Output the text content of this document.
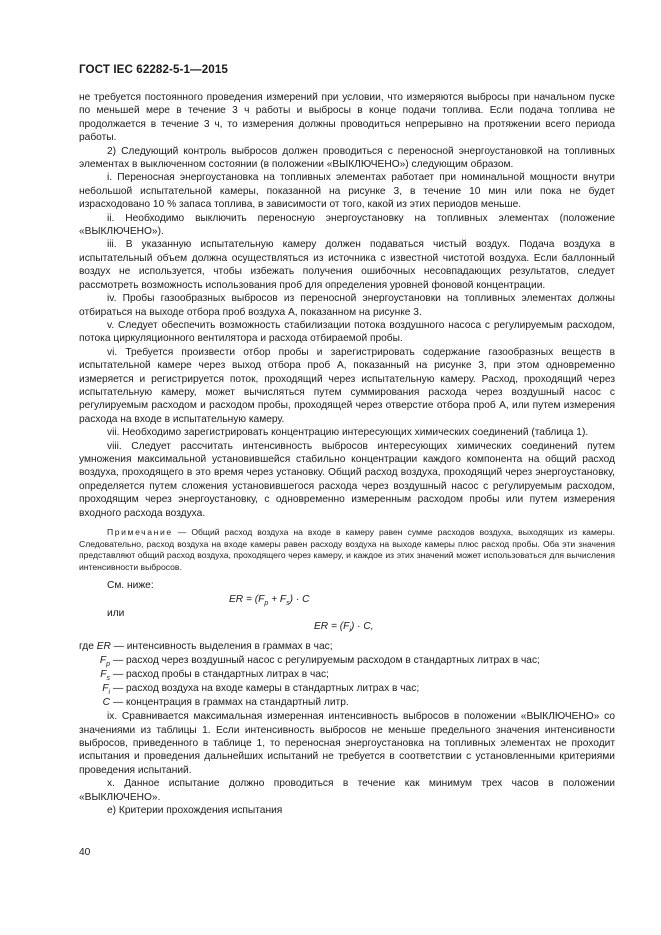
ГОСТ IEC 62282-5-1—2015

не требуется постоянного проведения измерений при условии, что измеряются выбросы при начальном пуске по меньшей мере в течение 3 ч работы и выбросы в конце подачи топлива. Если подача топлива не продолжается в течение 3 ч, то измерения должны проводиться непрерывно на протяжении всего периода работы.

2) Следующий контроль выбросов должен проводиться с переносной энергоустановкой на топливных элементах в выключенном состоянии (в положении «ВЫКЛЮЧЕНО») следующим образом.

i. Переносная энергоустановка на топливных элементах работает при номинальной мощности внутри небольшой испытательной камеры, показанной на рисунке 3, в течение 10 мин или пока не будет израсходовано 10 % запаса топлива, в зависимости от того, какой из этих периодов меньше.

ii. Необходимо выключить переносную энергоустановку на топливных элементах (положение «ВЫКЛЮЧЕНО»).

iii. В указанную испытательную камеру должен подаваться чистый воздух. Подача воздуха в испытательный объем должна осуществляться из источника с известной чистотой воздуха. Если баллонный воздух не используется, чтобы избежать получения ошибочных несовпадающих результатов, следует рассмотреть возможность использования проб для определения уровней фоновой концентрации.

iv. Пробы газообразных выбросов из переносной энергоустановки на топливных элементах должны отбираться на выходе отбора проб воздуха А, показанном на рисунке 3.

v. Следует обеспечить возможность стабилизации потока воздушного насоса с регулируемым расходом, потока циркуляционного вентилятора и расхода отбираемой пробы.

vi. Требуется произвести отбор пробы и зарегистрировать содержание газообразных веществ в испытательной камере через выход отбора проб А, показанный на рисунке 3, при этом одновременно измеряется и регистрируется поток, проходящий через испытательную камеру. Расход, проходящий через испытательную камеру, может вычисляться путем суммирования расхода через воздушный насос с регулируемым расходом и расходом пробы, проходящей через отверстие отбора проб А, или путем измерения расхода на входе в испытательную камеру.

vii. Необходимо зарегистрировать концентрацию интересующих химических соединений (таблица 1).

viii. Следует рассчитать интенсивность выбросов интересующих химических соединений путем умножения максимальной установившейся стабильно концентрации каждого компонента на общий расход воздуха, проходящего в это время через установку. Общий расход воздуха, проходящий через энергоустановку, определяется путем сложения установившегося расхода через воздушный насос с регулируемым расходом, проходящим через энергоустановку, с одновременно измеренным расходом пробы или путем измерения входного расхода воздуха.

Примечание — Общий расход воздуха на входе в камеру равен сумме расходов воздуха, выходящих из камеры. Следовательно, расход воздуха на входе камеры равен расходу воздуха на выходе камеры плюс расход пробы. Оба эти значения представляют общий расход воздуха, проходящего через камеру, и каждое из этих значений может использоваться для вычисления интенсивности выбросов.

См. ниже:

ER = $(F_p + F_s) \cdot C$

или

ER = $(F_i) \cdot C$,

где ER — интенсивность выделения в граммах в час;

$F_p$ — расход через воздушный насос с регулируемым расходом в стандартных литрах в час;

$F_s$ — расход пробы в стандартных литрах в час;

$F_i$ — расход воздуха на входе камеры в стандартных литрах в час;

C — концентрация в граммах на стандартный литр.

ix. Сравнивается максимальная измеренная интенсивность выбросов в положении «ВЫКЛЮЧЕНО» со значениями из таблицы 1. Если интенсивность выбросов не меньше предельного значения интенсивности выбросов, приведенного в таблице 1, то переносная энергоустановка на топливных элементах не проходит испытания и проведения дальнейших испытаний не требуется в соответствии с установленными критериями проведения испытаний.

x. Данное испытание должно проводиться в течение как минимум трех часов в положении «ВЫКЛЮЧЕНО».

e) Критерии прохождения испытания

40
